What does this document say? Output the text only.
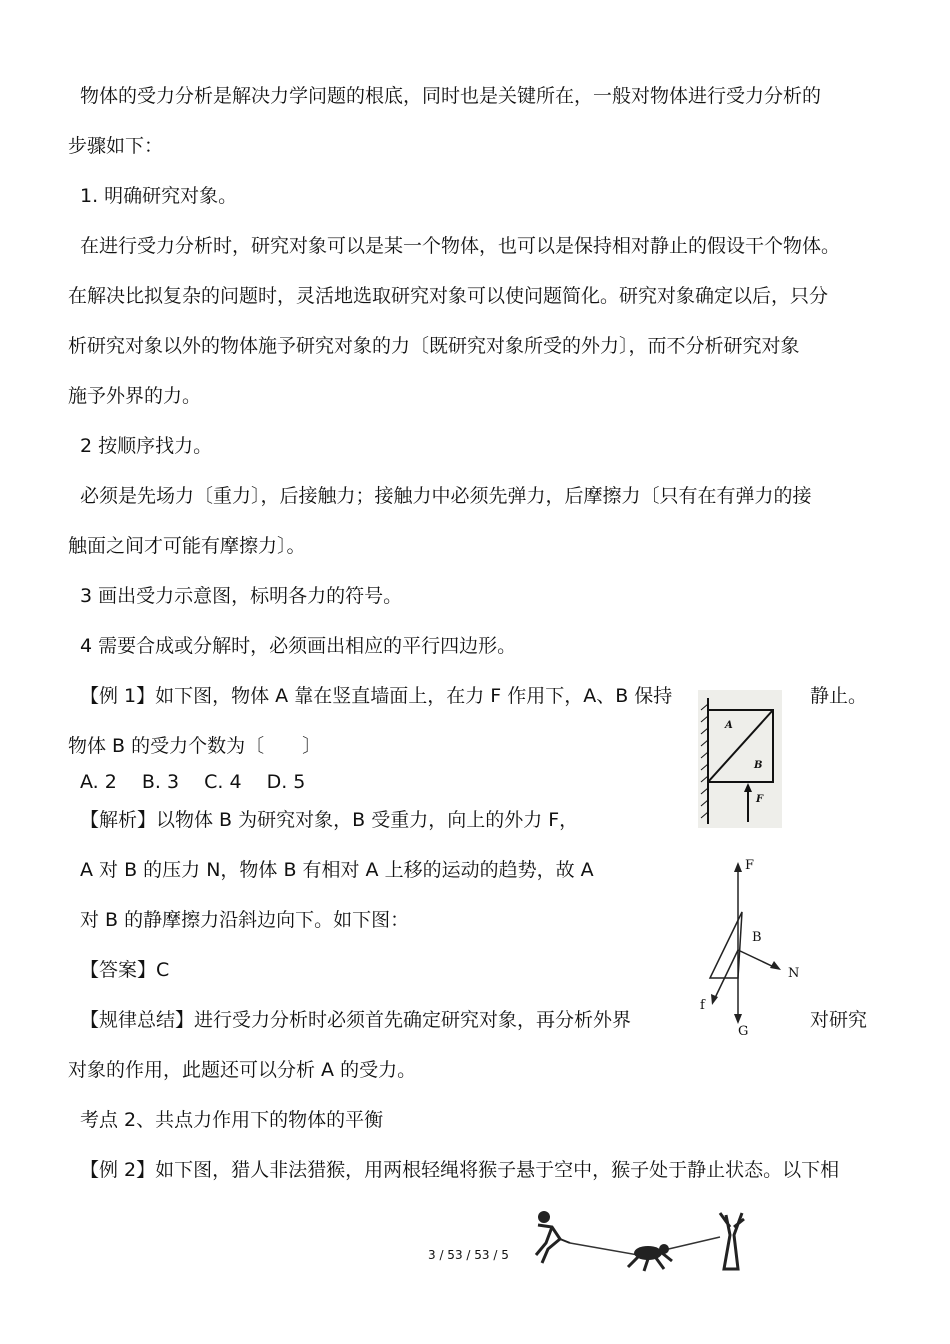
物体的受力分析是解决力学问题的根底，同时也是关键所在，一般对物体进行受力分析的
步骤如下：
1. 明确研究对象。
在进行受力分析时，研究对象可以是某一个物体，也可以是保持相对静止的假设干个物体。
在解决比拟复杂的问题时，灵活地选取研究对象可以使问题简化。研究对象确定以后，只分
析研究对象以外的物体施予研究对象的力〔既研究对象所受的外力〕，而不分析研究对象
施予外界的力。
2 按顺序找力。
必须是先场力〔重力〕，后接触力；接触力中必须先弹力，后摩擦力〔只有在有弹力的接
触面之间才可能有摩擦力〕。
3 画出受力示意图，标明各力的符号。
4 需要合成或分解时，必须画出相应的平行四边形。
【例 1】如下图，物体 A 靠在竖直墙面上，在力 F 作用下，A、B 保持	静止。
物体 B 的受力个数为〔　　〕
A. 2　 B. 3　 C. 4　 D. 5
【解析】以物体 B 为研究对象，B 受重力，向上的外力 F，
A 对 B 的压力 N，物体 B 有相对 A 上移的运动的趋势，故 A
对 B 的静摩擦力沿斜边向下。如下图：
【答案】C
【规律总结】进行受力分析时必须首先确定研究对象，再分析外界	对研究
对象的作用，此题还可以分析 A 的受力。
考点 2、共点力作用下的物体的平衡
【例 2】如下图，猎人非法猎猴，用两根轻绳将猴子悬于空中，猴子处于静止状态。以下相
A
B
F
F
B
N
f
G
3 / 53 / 53 / 5
